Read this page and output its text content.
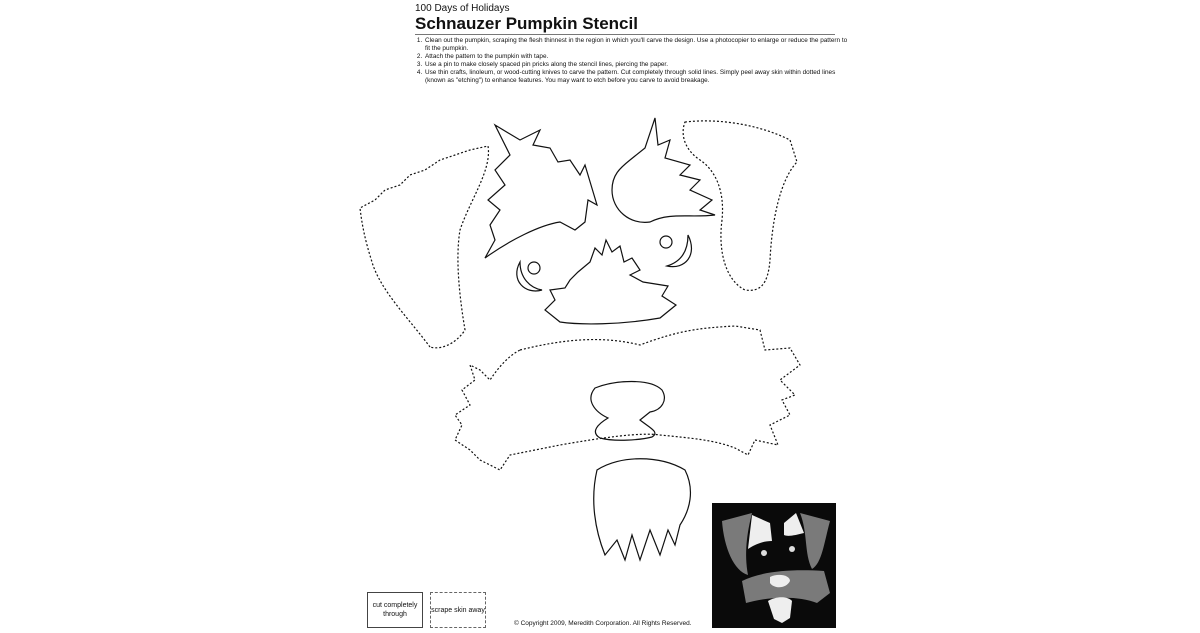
100 Days of Holidays
Schnauzer Pumpkin Stencil
1. Clean out the pumpkin, scraping the flesh thinnest in the region in which you'll carve the design. Use a photocopier to enlarge or reduce the pattern to fit the pumpkin.
2. Attach the pattern to the pumpkin with tape.
3. Use a pin to make closely spaced pin pricks along the stencil lines, piercing the paper.
4. Use thin crafts, linoleum, or wood-cutting knives to carve the pattern. Cut completely through solid lines. Simply peel away skin within dotted lines (known as "etching") to enhance features. You may want to etch before you carve to avoid breakage.
cut completely through
scrape skin away
© Copyright 2009, Meredith Corporation. All Rights Reserved.
